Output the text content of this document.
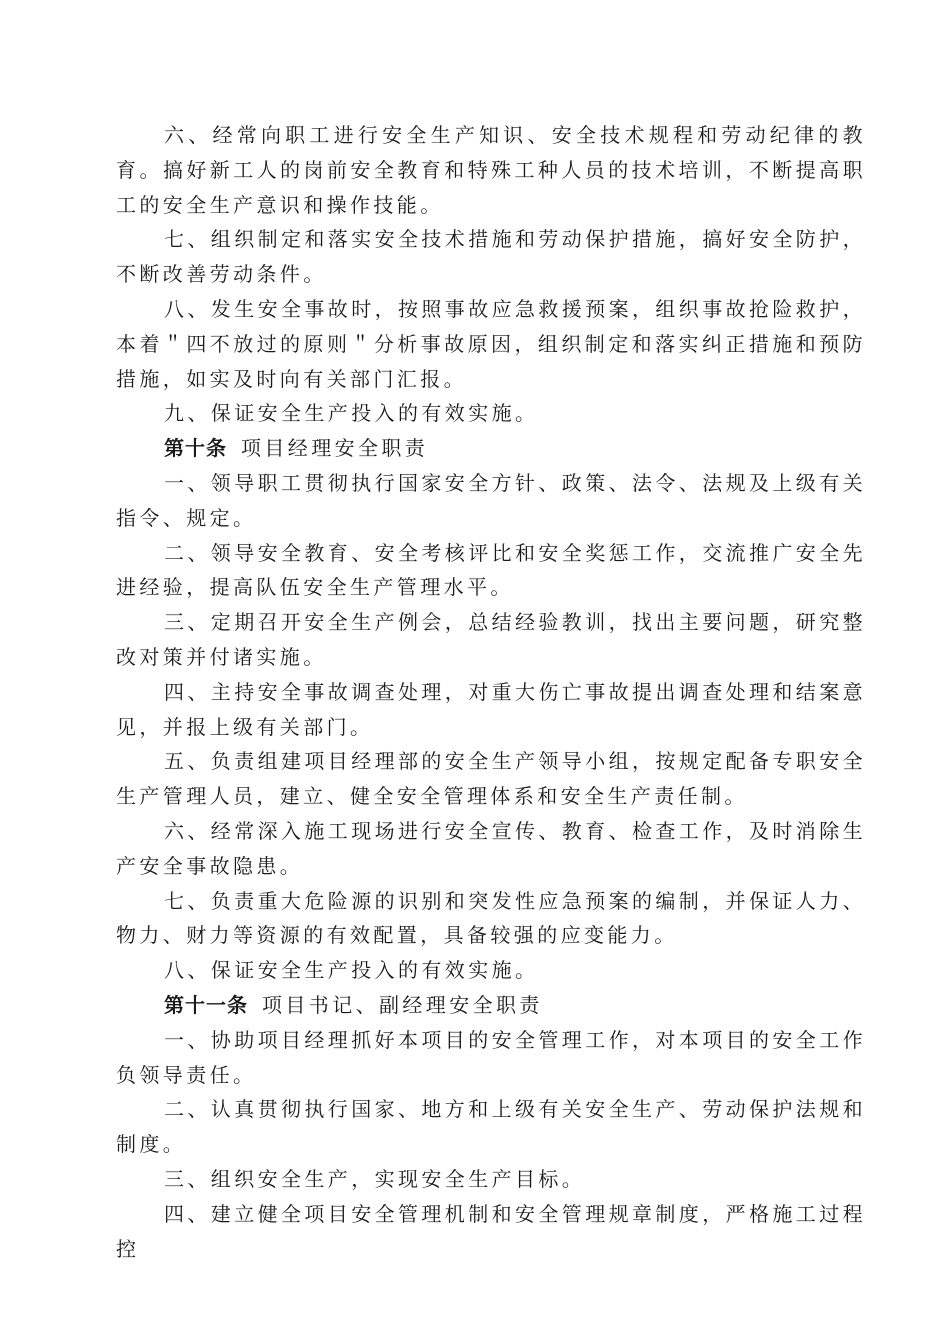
六、经常向职工进行安全生产知识、安全技术规程和劳动纪律的教育。搞好新工人的岗前安全教育和特殊工种人员的技术培训，不断提高职工的安全生产意识和操作技能。

七、组织制定和落实安全技术措施和劳动保护措施，搞好安全防护，不断改善劳动条件。

八、发生安全事故时，按照事故应急救援预案，组织事故抢险救护，本着＂四不放过的原则＂分析事故原因，组织制定和落实纠正措施和预防措施，如实及时向有关部门汇报。

九、保证安全生产投入的有效实施。

第十条 项目经理安全职责

一、领导职工贯彻执行国家安全方针、政策、法令、法规及上级有关指令、规定。

二、领导安全教育、安全考核评比和安全奖惩工作，交流推广安全先进经验，提高队伍安全生产管理水平。

三、定期召开安全生产例会，总结经验教训，找出主要问题，研究整改对策并付诸实施。

四、主持安全事故调查处理，对重大伤亡事故提出调查处理和结案意见，并报上级有关部门。

五、负责组建项目经理部的安全生产领导小组，按规定配备专职安全生产管理人员，建立、健全安全管理体系和安全生产责任制。

六、经常深入施工现场进行安全宣传、教育、检查工作，及时消除生产安全事故隐患。

七、负责重大危险源的识别和突发性应急预案的编制，并保证人力、物力、财力等资源的有效配置，具备较强的应变能力。

八、保证安全生产投入的有效实施。

第十一条 项目书记、副经理安全职责

一、协助项目经理抓好本项目的安全管理工作，对本项目的安全工作负领导责任。

二、认真贯彻执行国家、地方和上级有关安全生产、劳动保护法规和制度。

三、组织安全生产，实现安全生产目标。

四、建立健全项目安全管理机制和安全管理规章制度，严格施工过程控
